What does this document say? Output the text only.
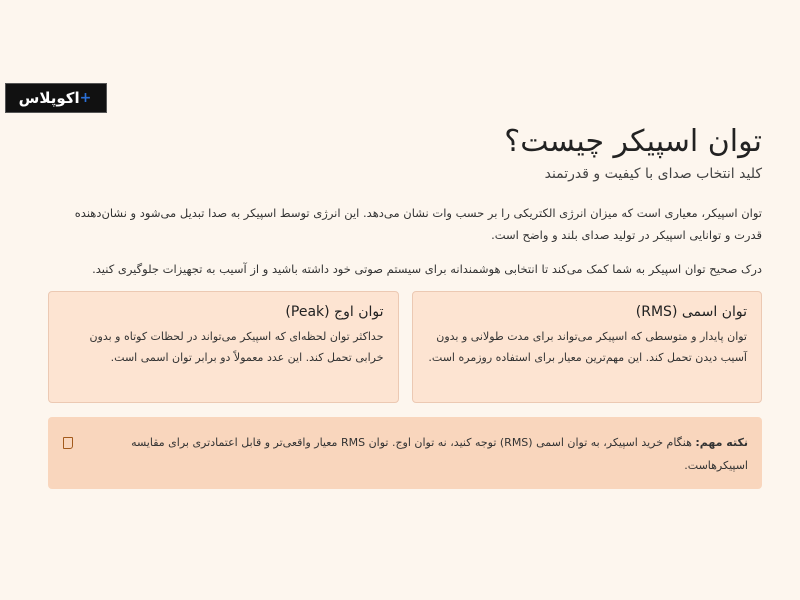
اکوپلاس +
توان اسپیکر چیست؟
کلید انتخاب صدای با کیفیت و قدرتمند

توان اسپیکر، معیاری است که میزان انرژی الکتریکی را بر حسب وات نشان می‌دهد. این انرژی توسط اسپیکر به صدا تبدیل می‌شود و نشان‌دهنده قدرت و توانایی اسپیکر در تولید صدای بلند و واضح است.

درک صحیح توان اسپیکر به شما کمک می‌کند تا انتخابی هوشمندانه برای سیستم صوتی خود داشته باشید و از آسیب به تجهیزات جلوگیری کنید.

توان اسمی (RMS)

توان پایدار و متوسطی که اسپیکر می‌تواند برای مدت طولانی و بدون آسیب دیدن تحمل کند. این مهم‌ترین معیار برای استفاده روزمره است.

توان اوج (Peak)

حداکثر توان لحظه‌ای که اسپیکر می‌تواند در لحظات کوتاه و بدون خرابی تحمل کند. این عدد معمولاً دو برابر توان اسمی است.

نکته مهم: هنگام خرید اسپیکر، به توان اسمی (RMS) توجه کنید، نه توان اوج. توان RMS معیار واقعی‌تر و قابل اعتمادتری برای مقایسه اسپیکرهاست.
